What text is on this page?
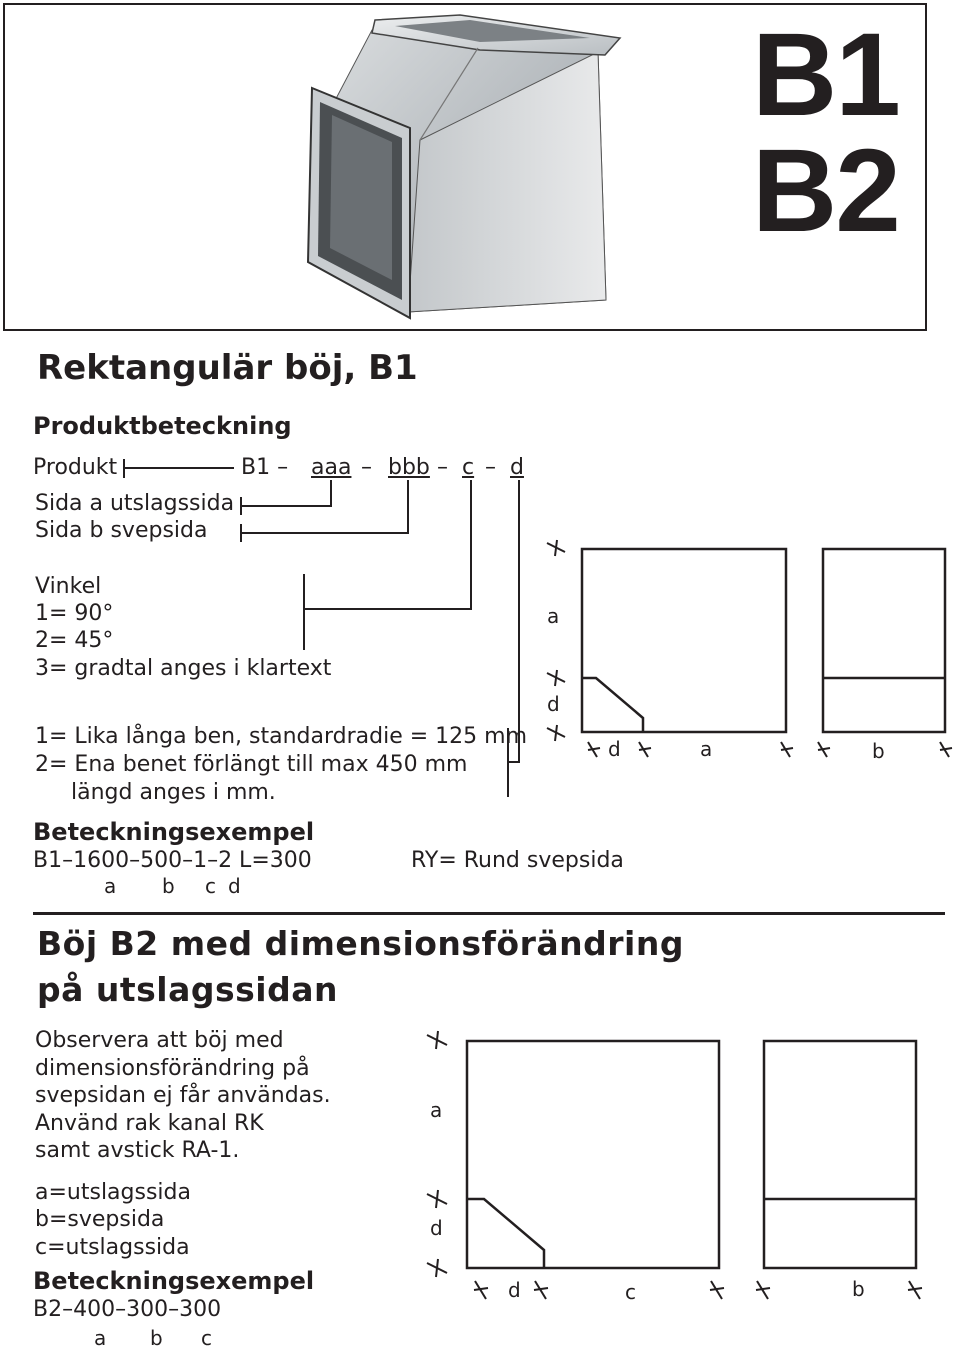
B1
B2
Rektangulär böj, B1
Produktbeteckning
Produkt	B1 – aaa – bbb – c – d
Sida a utslagssida
Sida b svepsida
Vinkel
1= 90°
2= 45°
3= gradtal anges i klartext
1= Lika långa ben, standardradie = 125 mm
2= Ena benet förlängt till max 450 mm
längd anges i mm.
Beteckningsexempel
B1–1600–500–1–2 L=300
a b c d
RY= Rund svepsida
a
d
d	a	b
Böj B2 med dimensionsförändring
på utslagssidan
Observera att böj med
dimensionsförändring på
svepsidan ej får användas.
Använd rak kanal RK
samt avstick RA-1.
a=utslagssida
b=svepsida
c=utslagssida
Beteckningsexempel
B2–400–300–300
a b c
a
d
d	c	b
